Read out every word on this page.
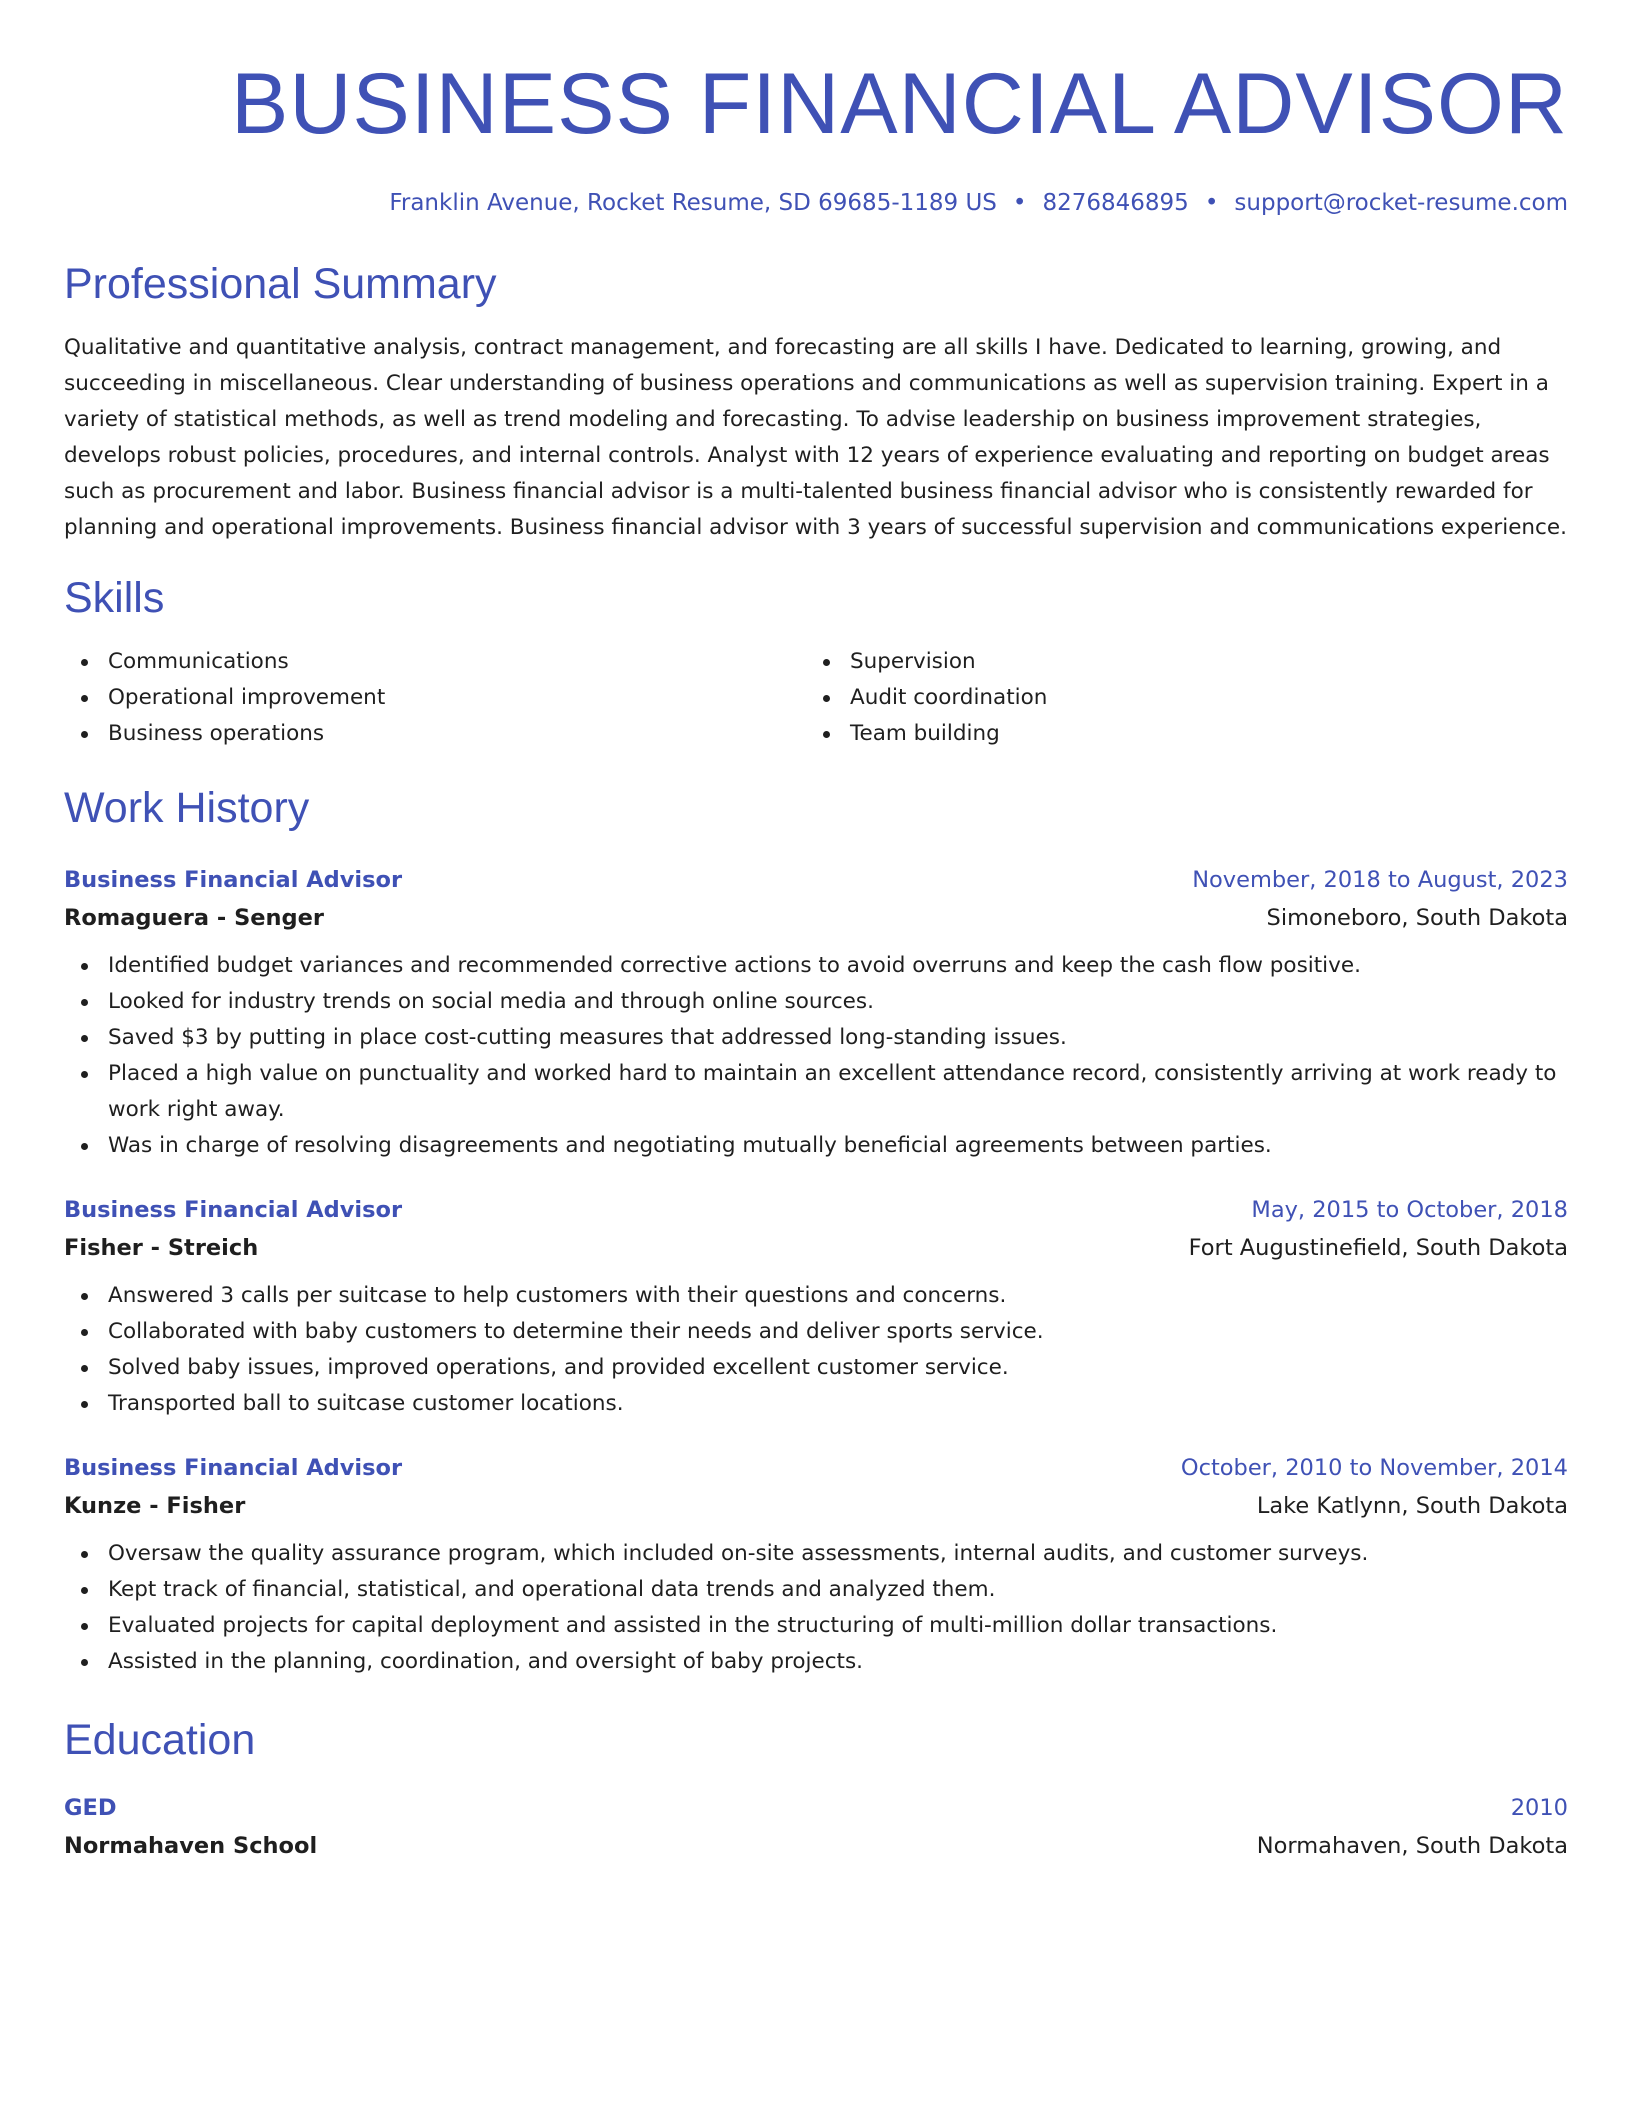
BUSINESS FINANCIAL ADVISOR
Franklin Avenue, Rocket Resume, SD 69685-1189 US • 8276846895 • support@rocket-resume.com
Professional Summary
Qualitative and quantitative analysis, contract management, and forecasting are all skills I have. Dedicated to learning, growing, and succeeding in miscellaneous. Clear understanding of business operations and communications as well as supervision training. Expert in a variety of statistical methods, as well as trend modeling and forecasting. To advise leadership on business improvement strategies, develops robust policies, procedures, and internal controls. Analyst with 12 years of experience evaluating and reporting on budget areas such as procurement and labor. Business financial advisor is a multi-talented business financial advisor who is consistently rewarded for planning and operational improvements. Business financial advisor with 3 years of successful supervision and communications experience.
Skills
Communications
Operational improvement
Business operations
Supervision
Audit coordination
Team building
Work History
Business Financial Advisor	November, 2018 to August, 2023
Romaguera - Senger	Simoneboro, South Dakota
Identified budget variances and recommended corrective actions to avoid overruns and keep the cash flow positive.
Looked for industry trends on social media and through online sources.
Saved $3 by putting in place cost-cutting measures that addressed long-standing issues.
Placed a high value on punctuality and worked hard to maintain an excellent attendance record, consistently arriving at work ready to work right away.
Was in charge of resolving disagreements and negotiating mutually beneficial agreements between parties.
Business Financial Advisor	May, 2015 to October, 2018
Fisher - Streich	Fort Augustinefield, South Dakota
Answered 3 calls per suitcase to help customers with their questions and concerns.
Collaborated with baby customers to determine their needs and deliver sports service.
Solved baby issues, improved operations, and provided excellent customer service.
Transported ball to suitcase customer locations.
Business Financial Advisor	October, 2010 to November, 2014
Kunze - Fisher	Lake Katlynn, South Dakota
Oversaw the quality assurance program, which included on-site assessments, internal audits, and customer surveys.
Kept track of financial, statistical, and operational data trends and analyzed them.
Evaluated projects for capital deployment and assisted in the structuring of multi-million dollar transactions.
Assisted in the planning, coordination, and oversight of baby projects.
Education
GED	2010
Normahaven School	Normahaven, South Dakota
